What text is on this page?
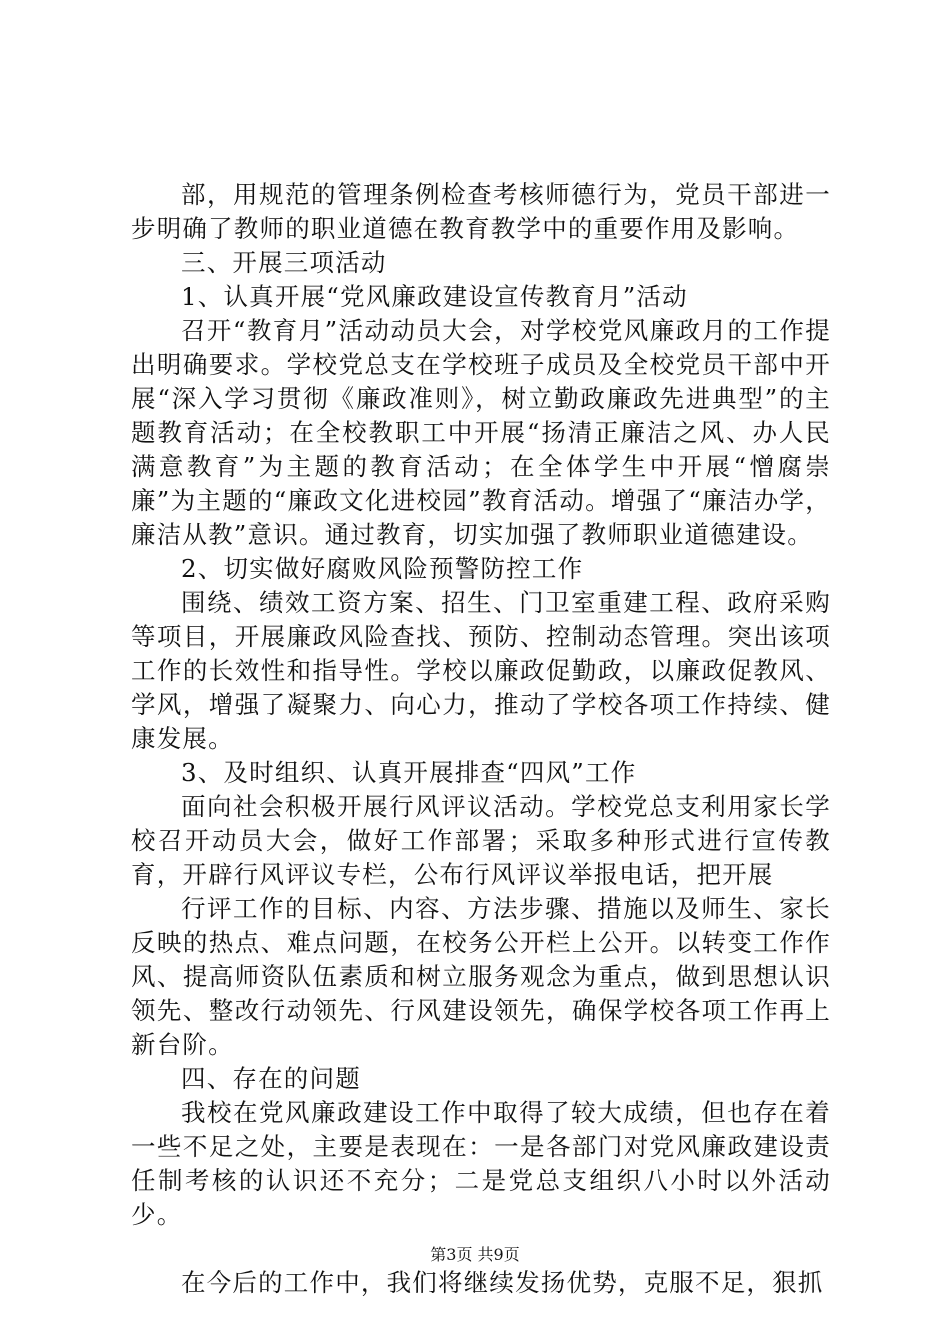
部，用规范的管理条例检查考核师德行为，党员干部进一步明确了教师的职业道德在教育教学中的重要作用及影响。

三、开展三项活动

1、认真开展“党风廉政建设宣传教育月”活动

召开“教育月”活动动员大会，对学校党风廉政月的工作提出明确要求。学校党总支在学校班子成员及全校党员干部中开展“深入学习贯彻《廉政准则》，树立勤政廉政先进典型”的主题教育活动；在全校教职工中开展“扬清正廉洁之风、办人民满意教育”为主题的教育活动；在全体学生中开展“憎腐崇廉”为主题的“廉政文化进校园”教育活动。增强了“廉洁办学，廉洁从教”意识。通过教育，切实加强了教师职业道德建设。

2、切实做好腐败风险预警防控工作

围绕、绩效工资方案、招生、门卫室重建工程、政府采购等项目，开展廉政风险查找、预防、控制动态管理。突出该项工作的长效性和指导性。学校以廉政促勤政，以廉政促教风、学风，增强了凝聚力、向心力，推动了学校各项工作持续、健康发展。

3、及时组织、认真开展排查“四风”工作

面向社会积极开展行风评议活动。学校党总支利用家长学校召开动员大会，做好工作部署；采取多种形式进行宣传教育，开辟行风评议专栏，公布行风评议举报电话，把开展

行评工作的目标、内容、方法步骤、措施以及师生、家长反映的热点、难点问题，在校务公开栏上公开。以转变工作作风、提高师资队伍素质和树立服务观念为重点，做到思想认识领先、整改行动领先、行风建设领先，确保学校各项工作再上新台阶。

四、存在的问题

我校在党风廉政建设工作中取得了较大成绩，但也存在着一些不足之处，主要是表现在：一是各部门对党风廉政建设责任制考核的认识还不充分；二是党总支组织八小时以外活动少。

在今后的工作中，我们将继续发扬优势，克服不足，狠抓

第3页 共9页
